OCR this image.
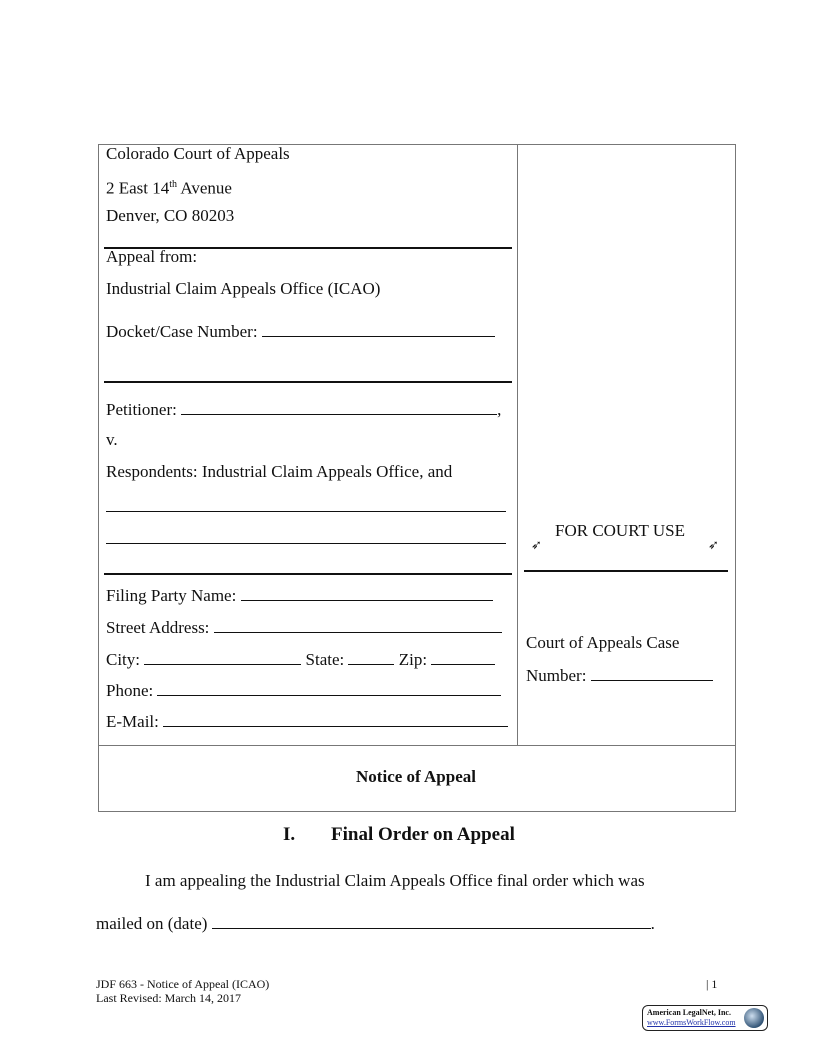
Colorado Court of Appeals
2 East 14th Avenue
Denver, CO 80203
Appeal from:
Industrial Claim Appeals Office (ICAO)
Docket/Case Number:
Petitioner:	,
v.
Respondents: Industrial Claim Appeals Office, and
Filing Party Name:
Street Address:
City:	State:	Zip:
Phone:
E-Mail:
➶
FOR COURT USE
➶
Court of Appeals Case
Number:
Notice of Appeal
I. Final Order on Appeal
I am appealing the Industrial Claim Appeals Office final order which was
mailed on (date)	.
JDF 663 - Notice of Appeal (ICAO)
Last Revised: March 14, 2017
| 1
American LegalNet, Inc.
www.FormsWorkFlow.com
